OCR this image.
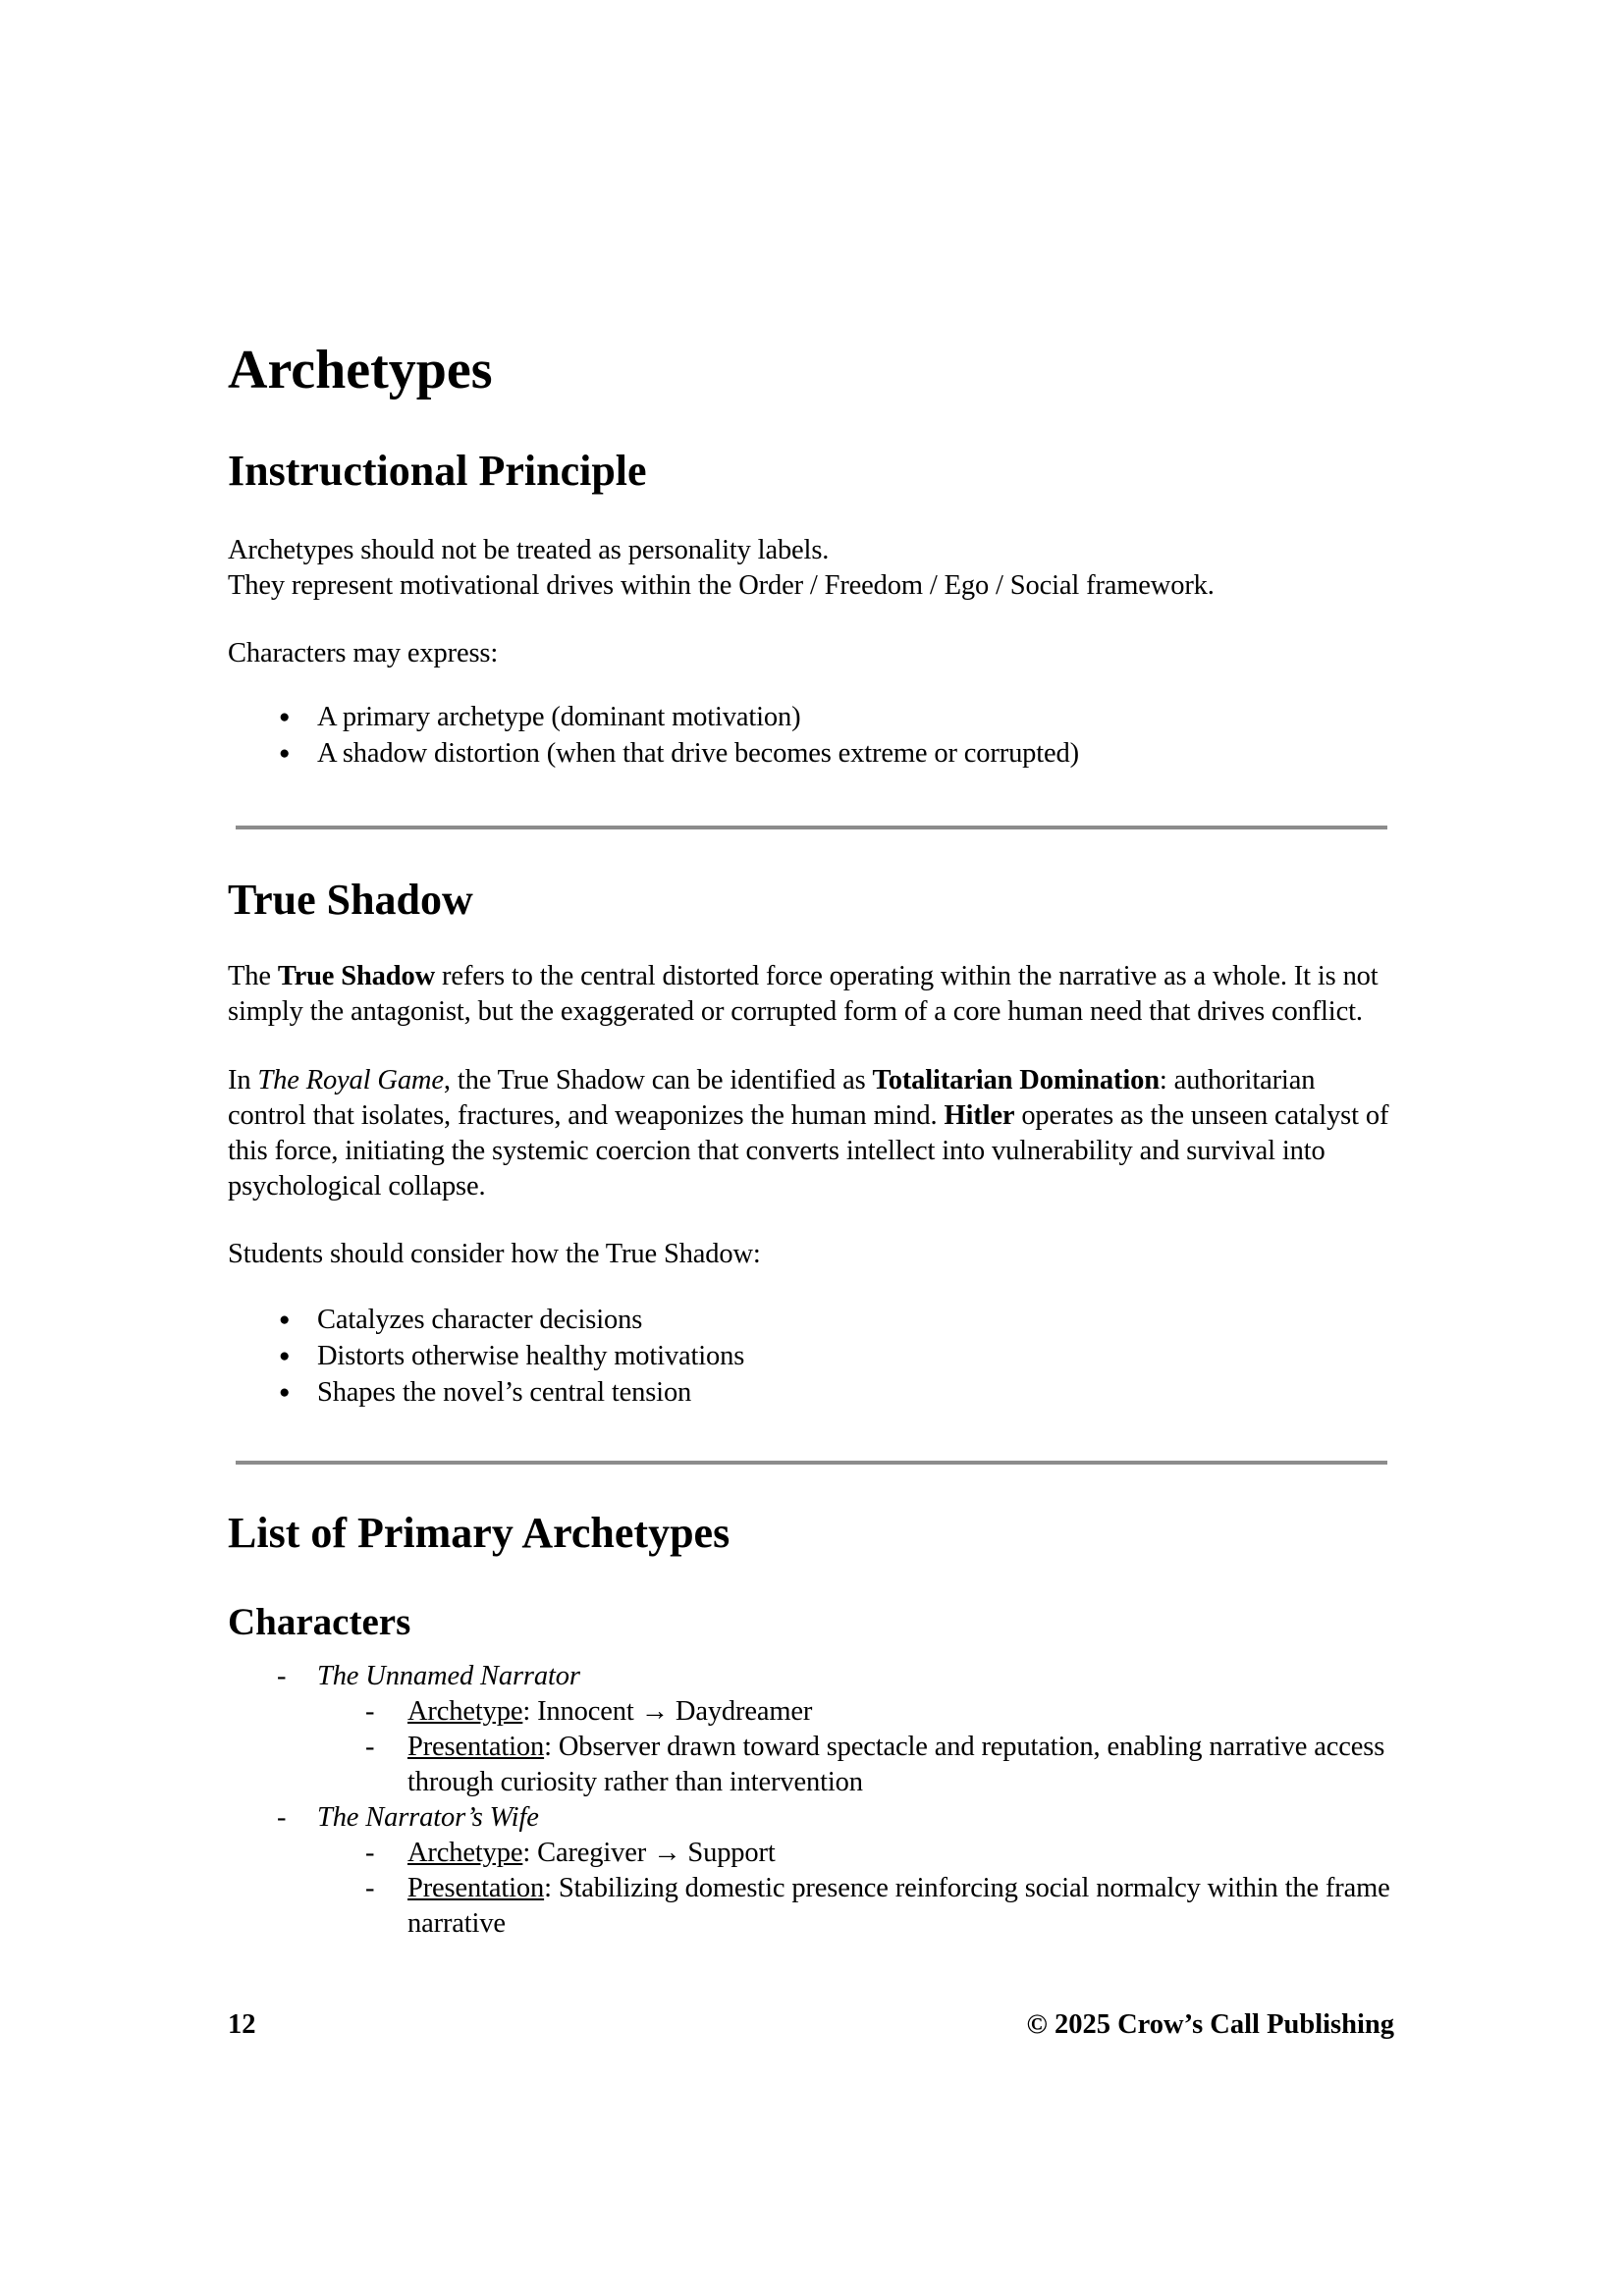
Archetypes
Instructional Principle
Archetypes should not be treated as personality labels.
They represent motivational drives within the Order / Freedom / Ego / Social framework.
Characters may express:
● A primary archetype (dominant motivation)
● A shadow distortion (when that drive becomes extreme or corrupted)
True Shadow
The True Shadow refers to the central distorted force operating within the narrative as a whole. It is not simply the antagonist, but the exaggerated or corrupted form of a core human need that drives conflict.
In The Royal Game, the True Shadow can be identified as Totalitarian Domination: authoritarian control that isolates, fractures, and weaponizes the human mind. Hitler operates as the unseen catalyst of this force, initiating the systemic coercion that converts intellect into vulnerability and survival into psychological collapse.
Students should consider how the True Shadow:
● Catalyzes character decisions
● Distorts otherwise healthy motivations
● Shapes the novel’s central tension
List of Primary Archetypes
Characters
- The Unnamed Narrator
- Archetype: Innocent → Daydreamer
- Presentation: Observer drawn toward spectacle and reputation, enabling narrative access through curiosity rather than intervention
- The Narrator’s Wife
- Archetype: Caregiver → Support
- Presentation: Stabilizing domestic presence reinforcing social normalcy within the frame narrative
12	© 2025 Crow’s Call Publishing
